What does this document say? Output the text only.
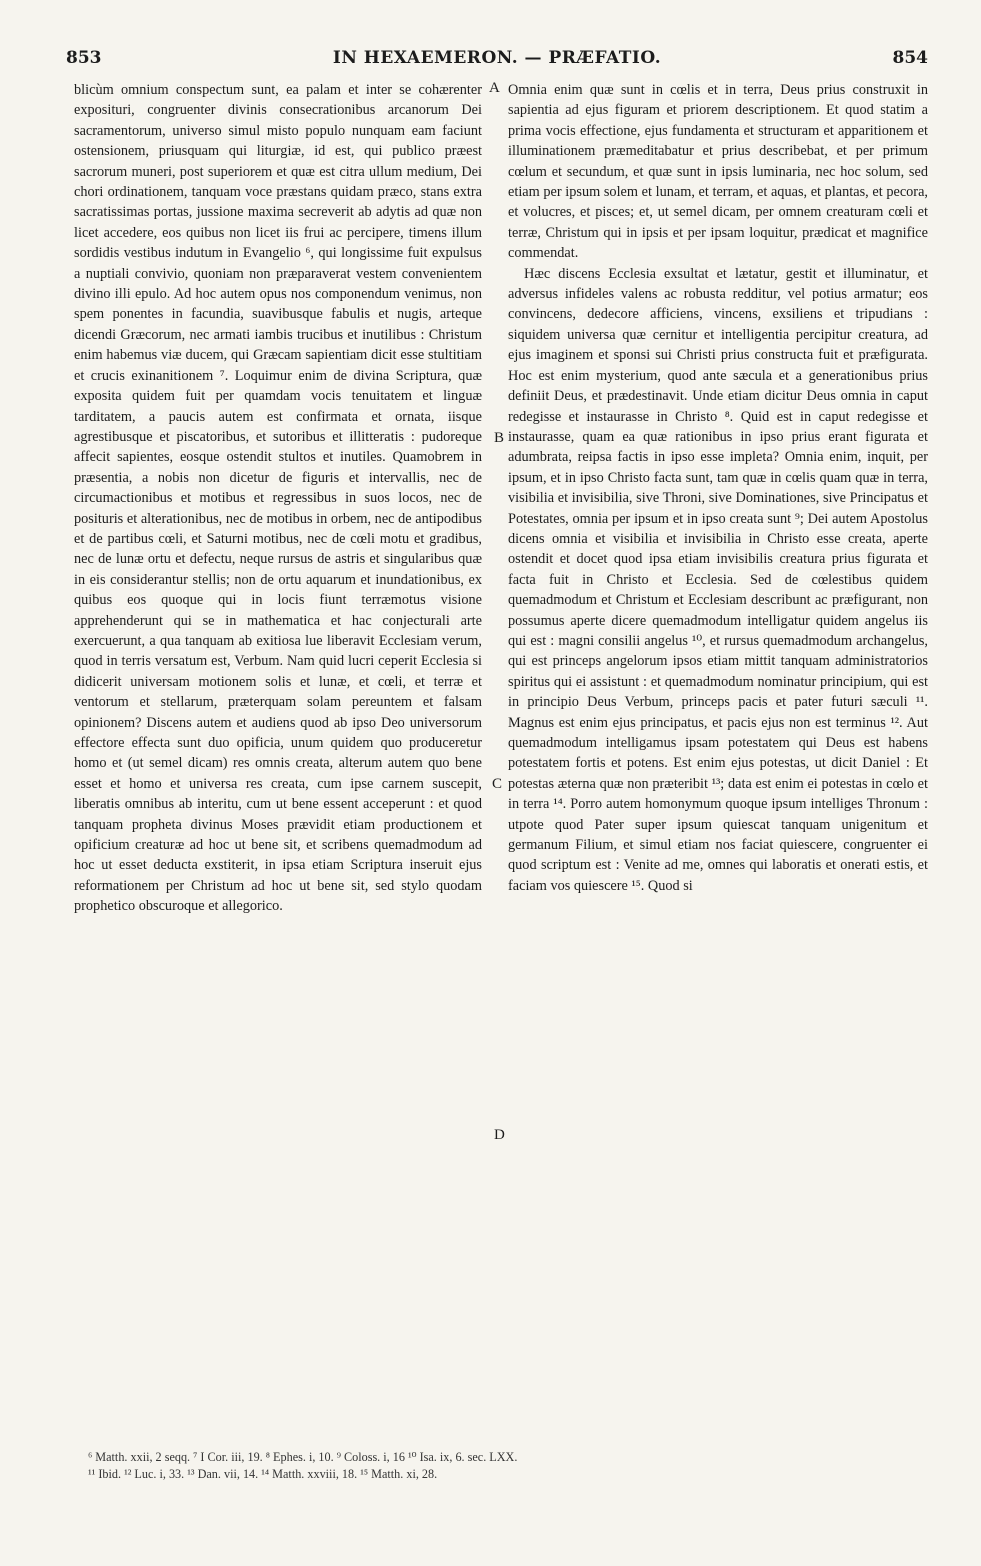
853	IN HEXAEMERON. — PRÆFATIO.	854

blicùm omnium conspectum sunt, ea palam et inter se cohærenter expositurі, congruenter divinis consecrationibus arcanorum Dei sacramentorum, universo simul misto populo nunquam eam faciunt ostensionem, priusquam qui liturgiæ, id est, qui publico præest sacrorum muneri, post superiorem et quæ est citra ullum medium, Dei chori ordinationem, tanquam voce præstans quidam præco, stans extra sacratissimas portas, jussione maxima secreverit ab adytis ad quæ non licet accedere, eos quibus non licet iis frui ac percipere, timens illum sordidis vestibus indutum in Evangelio ⁶, qui longissime fuit expulsus a nuptiali convivio, quoniam non præparaverat vestem convenientem divino illi epulo. Ad hoc autem opus nos componendum venimus, non spem ponentes in facundia, suavibusque fabulis et nugis, arteque dicendi Græcorum, nec armati iambis trucibus et inutilibus : Christum enim habemus viæ ducem, qui Græcam sapientiam dicit esse stultitiam et crucis exinanitionem ⁷. Loquimur enim de divina Scriptura, quæ exposita quidem fuit per quamdam vocis tenuitatem et linguæ tarditatem, a paucis autem est confirmata et ornata, iisque agrestibusque et piscatoribus, et sutoribus et illitteratis : pudoreque affecit sapientes, eosque ostendit stultos et inutiles. Quamobrem in præsentia, a nobis non dicetur de figuris et intervallis, nec de circumactionibus et motibus et regressibus in suos locos, nec de posituris et alterationibus, nec de motibus in orbem, nec de antipodibus et de partibus cœli, et Saturni motibus, nec de cœli motu et gradibus, nec de lunæ ortu et defectu, neque rursus de astris et singularibus quæ in eis considerantur stellis; non de ortu aquarum et inundationibus, ex quibus eos quoque qui in locis fiunt terræmotus visione apprehenderunt qui se in mathematica et hac conjecturali arte exercuerunt, a qua tanquam ab exitiosa lue liberavit Ecclesiam verum, quod in terris versatum est, Verbum. Nam quid lucri ceperit Ecclesia si didicerit universam motionem solis et lunæ, et cœli, et terræ et ventorum et stellarum, præterquam solam pereuntem et falsam opinionem? Discens autem et audiens quod ab ipso Deo universorum effectore effecta sunt duo opificia, unum quidem quo produceretur homo et (ut semel dicam) res omnis creata, alterum autem quo bene esset et homo et universa res creata, cum ipse carnem suscepit, liberatis omnibus ab interitu, cum ut bene essent acceperunt : et quod tanquam propheta divinus Moses prævidit etiam productionem et opificium creaturæ ad hoc ut bene sit, et scribens quemadmodum ad hoc ut esset deducta exstiterit, in ipsa etiam Scriptura inseruit ejus reformationem per Christum ad hoc ut bene sit, sed stylo quodam prophetico obscuroque et allegorico.

Omnia enim quæ sunt in cœlis et in terra, Deus prius construxit in sapientia ad ejus figuram et priorem descriptionem. Et quod statim a prima vocis effectione, ejus fundamenta et structuram et apparitionem et illuminationem præmeditabatur et prius describebat, et per primum cœlum et secundum, et quæ sunt in ipsis luminaria, nec hoc solum, sed etiam per ipsum solem et lunam, et terram, et aquas, et plantas, et pecora, et volucres, et pisces; et, ut semel dicam, per omnem creaturam cœli et terræ, Christum qui in ipsis et per ipsam loquitur, prædicat et magnifice commendat.

Hæc discens Ecclesia exsultat et lætatur, gestit et illuminatur, et adversus infideles valens ac robusta redditur, vel potius armatur; eos convincens, dedecore afficiens, vincens, exsiliens et tripudians : siquidem universa quæ cernitur et intelligentia percipitur creatura, ad ejus imaginem et sponsi sui Christi prius constructa fuit et præfigurata. Hoc est enim mysterium, quod ante sæcula et a generationibus prius definiit Deus, et prædestinavit. Unde etiam dicitur Deus omnia in caput redegisse et instaurasse in Christo ⁸. Quid est in caput redegisse et instaurasse, quam ea quæ rationibus in ipso prius erant figurata et adumbrata, reipsa factis in ipso esse impleta? Omnia enim, inquit, per ipsum, et in ipso Christo facta sunt, tam quæ in cœlis quam quæ in terra, visibilia et invisibilia, sive Throni, sive Dominationes, sive Principatus et Potestates, omnia per ipsum et in ipso creata sunt ⁹; Dei autem Apostolus dicens omnia et visibilia et invisibilia in Christo esse creata, aperte ostendit et docet quod ipsa etiam invisibilis creatura prius figurata et facta fuit in Christo et Ecclesia. Sed de cœlestibus quidem quemadmodum et Christum et Ecclesiam describunt ac præfigurant, non possumus aperte dicere quemadmodum intelligatur quidem angelus iis qui est : magni consilii angelus ¹⁰, et rursus quemadmodum archangelus, qui est princeps angelorum ipsos etiam mittit tanquam administratorios spiritus qui ei assistunt : et quemadmodum nominatur principium, qui est in principio Deus Verbum, princeps pacis et pater futuri sæculi ¹¹. Magnus est enim ejus principatus, et pacis ejus non est terminus ¹². Aut quemadmodum intelligamus ipsam potestatem qui Deus est habens potestatem fortis et potens. Est enim ejus potestas, ut dicit Daniel : Et potestas æterna quæ non præteribit ¹³; data est enim ei potestas in cœlo et in terra ¹⁴. Porro autem homonymum quoque ipsum intelliges Thronum : utpote quod Pater super ipsum quiescat tanquam unigenitum et germanum Filium, et simul etiam nos faciat quiescere, congruenter ei quod scriptum est : Venite ad me, omnes qui laboratis et onerati estis, et faciam vos quiescere ¹⁵. Quod si

A
B
C
D
⁶ Matth. xxii, 2 seqq. ⁷ I Cor. iii, 19. ⁸ Ephes. i, 10. ⁹ Coloss. i, 16 ¹⁰ Isa. ix, 6. sec. LXX.
¹¹ Ibid. ¹² Luc. i, 33. ¹³ Dan. vii, 14. ¹⁴ Matth. xxviii, 18. ¹⁵ Matth. xi, 28.
